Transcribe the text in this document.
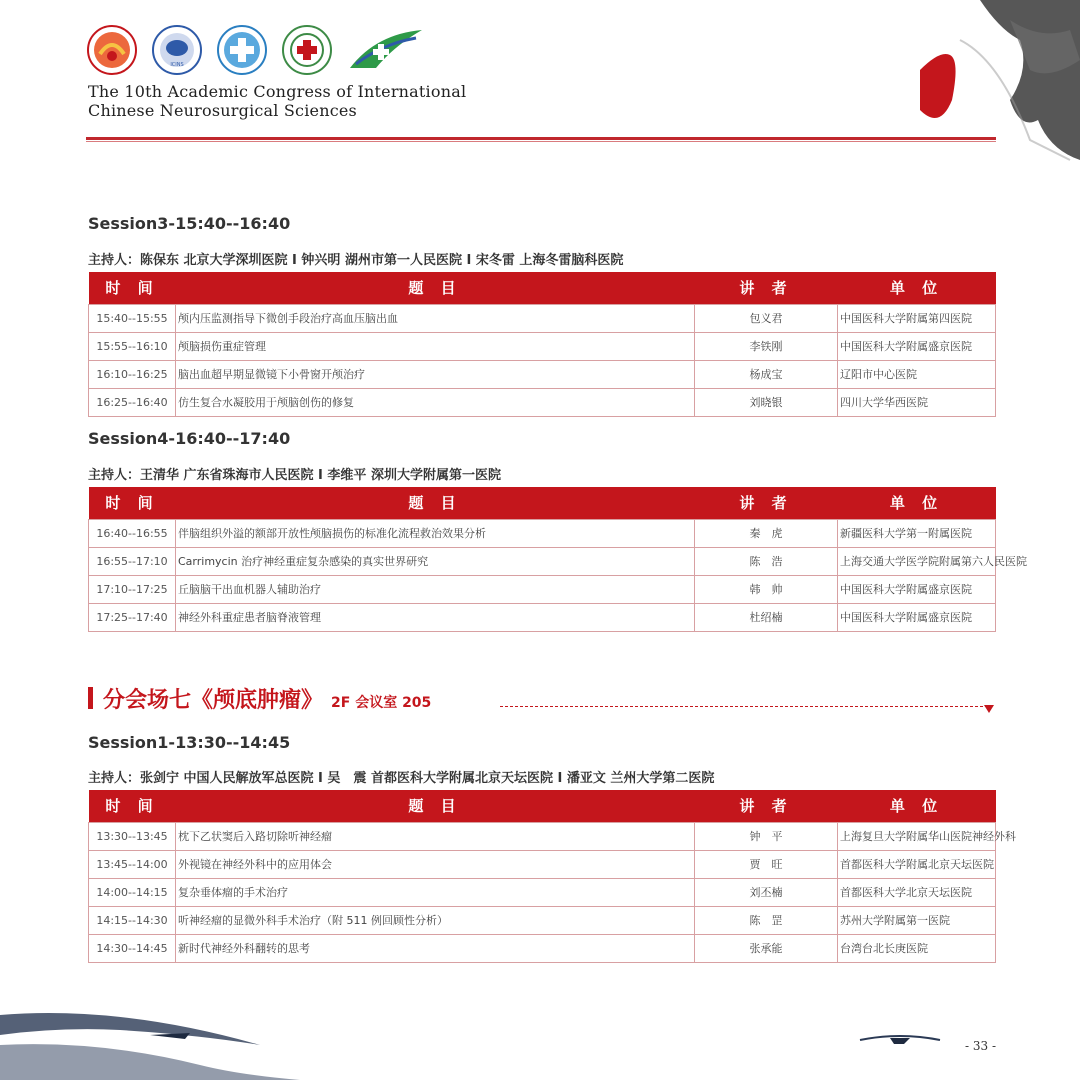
ICINS
The 10th Academic Congress of International
Chinese Neurosurgical Sciences
悟
Session3-15:40--16:40
主持人：陈保东 北京大学深圳医院 I 钟兴明 湖州市第一人民医院 I 宋冬雷 上海冬雷脑科医院
时 间	题 目	讲 者	单 位
15:40--15:55	颅内压监测指导下微创手段治疗高血压脑出血	包义君	中国医科大学附属第四医院
15:55--16:10	颅脑损伤重症管理	李铁刚	中国医科大学附属盛京医院
16:10--16:25	脑出血超早期显微镜下小骨窗开颅治疗	杨成宝	辽阳市中心医院
16:25--16:40	仿生复合水凝胶用于颅脑创伤的修复	刘晓银	四川大学华西医院
Session4-16:40--17:40
主持人：王清华 广东省珠海市人民医院 I 李维平 深圳大学附属第一医院
时 间	题 目	讲 者	单 位
16:40--16:55	伴脑组织外溢的额部开放性颅脑损伤的标准化流程救治效果分析	秦　虎	新疆医科大学第一附属医院
16:55--17:10	Carrimycin 治疗神经重症复杂感染的真实世界研究	陈　浩	上海交通大学医学院附属第六人民医院
17:10--17:25	丘脑脑干出血机器人辅助治疗	韩　帅	中国医科大学附属盛京医院
17:25--17:40	神经外科重症患者脑脊液管理	杜绍楠	中国医科大学附属盛京医院
分会场七《颅底肿瘤》 2F 会议室 205
Session1-13:30--14:45
主持人：张剑宁 中国人民解放军总医院 I 吴　震 首都医科大学附属北京天坛医院 I 潘亚文 兰州大学第二医院
时 间	题 目	讲 者	单 位
13:30--13:45	枕下乙状窦后入路切除听神经瘤	钟　平	上海复旦大学附属华山医院神经外科
13:45--14:00	外视镜在神经外科中的应用体会	贾　旺	首都医科大学附属北京天坛医院
14:00--14:15	复杂垂体瘤的手术治疗	刘丕楠	首都医科大学北京天坛医院
14:15--14:30	听神经瘤的显微外科手术治疗（附 511 例回顾性分析）	陈　罡	苏州大学附属第一医院
14:30--14:45	新时代神经外科翻转的思考	张承能	台湾台北长庚医院
- 33 -
